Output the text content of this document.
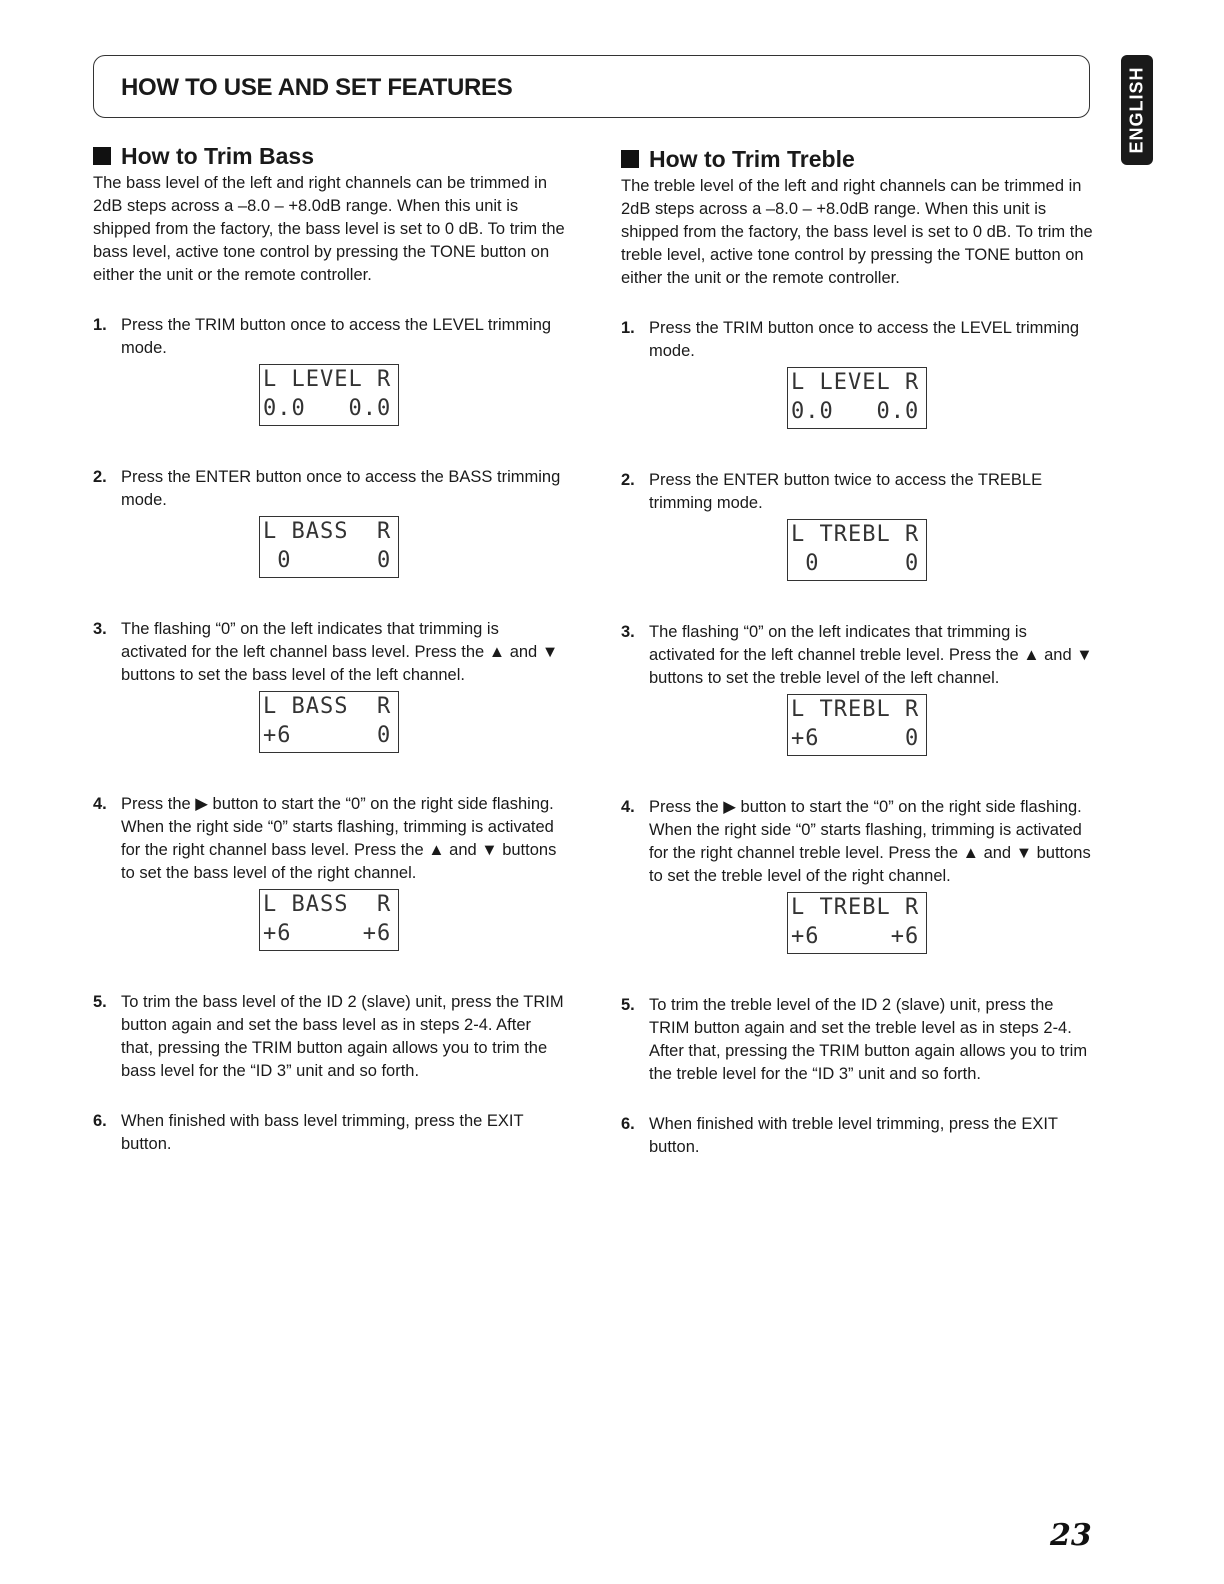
HOW TO USE AND SET FEATURES	ENGLISH
How to Trim Bass

The bass level of the left and right channels can be trimmed in 2dB steps across a –8.0 – +8.0dB range. When this unit is shipped from the factory, the bass level is set to 0 dB. To trim the bass level, active tone control by pressing the TONE button on either the unit or the remote controller.

1. Press the TRIM button once to access the LEVEL trimming mode.
L LEVEL R
0.0   0.0
2. Press the ENTER button once to access the BASS trimming mode.
L BASS  R
0      0
3. The flashing “0” on the left indicates that trimming is activated for the left channel bass level. Press the ▲ and ▼ buttons to set the bass level of the left channel.
L BASS  R
+6      0
4. Press the ▶ button to start the “0” on the right side flashing. When the right side “0” starts flashing, trimming is activated for the right channel bass level. Press the ▲ and ▼ buttons to set the bass level of the right channel.
L BASS  R
+6     +6
5. To trim the bass level of the ID 2 (slave) unit, press the TRIM button again and set the bass level as in steps 2-4. After that, pressing the TRIM button again allows you to trim the bass level for the “ID 3” unit and so forth.
6. When finished with bass level trimming, press the EXIT button.
How to Trim Treble

The treble level of the left and right channels can be trimmed in 2dB steps across a –8.0 – +8.0dB range. When this unit is shipped from the factory, the bass level is set to 0 dB. To trim the treble level, active tone control by pressing the TONE button on either the unit or the remote controller.

1. Press the TRIM button once to access the LEVEL trimming mode.
L LEVEL R
0.0   0.0
2. Press the ENTER button twice to access the TREBLE trimming mode.
L TREBL R
0      0
3. The flashing “0” on the left indicates that trimming is activated for the left channel treble level. Press the ▲ and ▼ buttons to set the treble level of the left channel.
L TREBL R
+6      0
4. Press the ▶ button to start the “0” on the right side flashing. When the right side “0” starts flashing, trimming is activated for the right channel treble level. Press the ▲ and ▼ buttons to set the treble level of the right channel.
L TREBL R
+6     +6
5. To trim the treble level of the ID 2 (slave) unit, press the TRIM button again and set the treble level as in steps 2-4. After that, pressing the TRIM button again allows you to trim the treble level for the “ID 3” unit and so forth.
6. When finished with treble level trimming, press the EXIT button.
23
